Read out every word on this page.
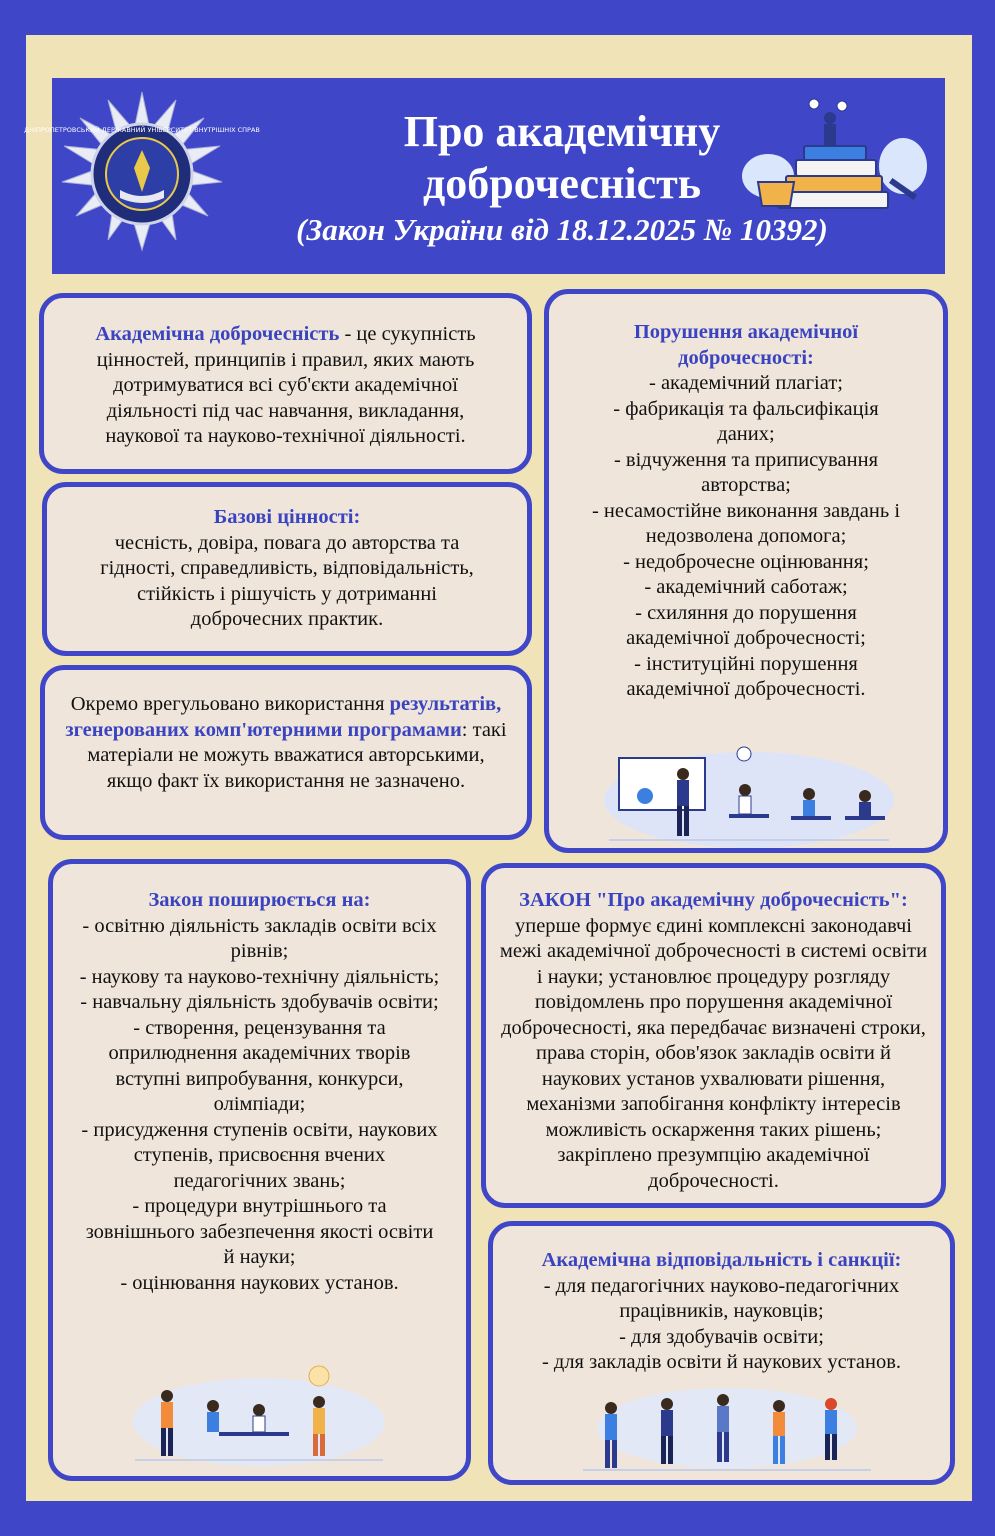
ДНІПРОПЕТРОВСЬКИЙ ДЕРЖАВНИЙ УНІВЕРСИТЕТ ВНУТРІШНІХ СПРАВ	Про академічну
доброчесність
(Закон України від 18.12.2025 № 10392)
Академічна доброчесність - це сукупність цінностей, принципів і правил, яких мають дотримуватися всі суб'єкти академічної діяльності під час навчання, викладання, наукової та науково-технічної діяльності.
Базові цінності:
чесність, довіра, повага до авторства та гідності, справедливість, відповідальність, стійкість і рішучість у дотриманні доброчесних практик.
Окремо врегульовано використання результатів, згенерованих комп'ютерними програмами: такі матеріали не можуть вважатися авторськими, якщо факт їх використання не зазначено.
Порушення академічної доброчесності:
- академічний плагіат;
- фабрикація та фальсифікація даних;
- відчуження та приписування авторства;
- несамостійне виконання завдань і недозволена допомога;
- недоброчесне оцінювання;
- академічний саботаж;
- схиляння до порушення академічної доброчесності;
- інституційні порушення академічної доброчесності.
Закон поширюється на:
- освітню діяльність закладів освіти всіх рівнів;
- наукову та науково-технічну діяльність;
- навчальну діяльність здобувачів освіти;
- створення, рецензування та оприлюднення академічних творів вступні випробування, конкурси, олімпіади;
- присудження ступенів освіти, наукових ступенів, присвоєння вчених педагогічних звань;
- процедури внутрішнього та зовнішнього забезпечення якості освіти й науки;
- оцінювання наукових установ.
ЗАКОН "Про академічну доброчесність":
уперше формує єдині комплексні законодавчі межі академічної доброчесності в системі освіти і науки; установлює процедуру розгляду повідомлень про порушення академічної доброчесності, яка передбачає визначені строки, права сторін, обов'язок закладів освіти й наукових установ ухвалювати рішення, механізми запобігання конфлікту інтересів можливість оскарження таких рішень; закріплено презумпцію академічної доброчесності.
Академічна відповідальність і санкції:
- для педагогічних науково-педагогічних працівників, науковців;
- для здобувачів освіти;
- для закладів освіти й наукових установ.
